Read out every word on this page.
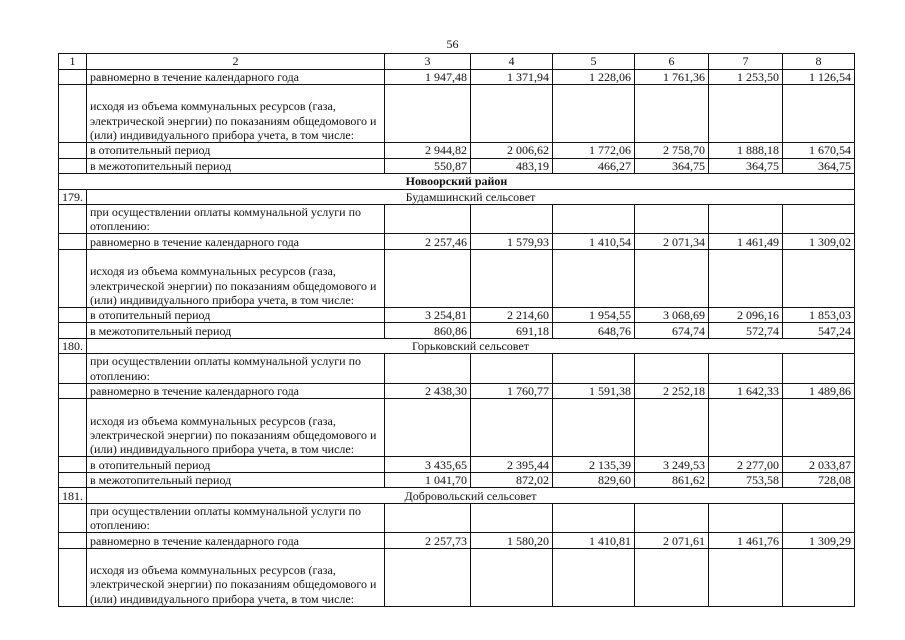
56
1	2	3	4	5	6	7	8
	равномерно в течение календарного года	1 947,48	1 371,94	1 228,06	1 761,36	1 253,50	1 126,54
	исходя из объема коммунальных ресурсов (газа, электрической энергии) по показаниям общедомового и (или) индивидуального прибора учета, в том числе:						
	в отопительный период	2 944,82	2 006,62	1 772,06	2 758,70	1 888,18	1 670,54
	в межотопительный период	550,87	483,19	466,27	364,75	364,75	364,75
Новоорский район							
179.	Будамшинский сельсовет						
	при осуществлении оплаты коммунальной услуги по отоплению:						
	равномерно в течение календарного года	2 257,46	1 579,93	1 410,54	2 071,34	1 461,49	1 309,02
	исходя из объема коммунальных ресурсов (газа, электрической энергии) по показаниям общедомового и (или) индивидуального прибора учета, в том числе:						
	в отопительный период	3 254,81	2 214,60	1 954,55	3 068,69	2 096,16	1 853,03
	в межотопительный период	860,86	691,18	648,76	674,74	572,74	547,24
180.	Горьковский сельсовет						
	при осуществлении оплаты коммунальной услуги по отоплению:						
	равномерно в течение календарного года	2 438,30	1 760,77	1 591,38	2 252,18	1 642,33	1 489,86
	исходя из объема коммунальных ресурсов (газа, электрической энергии) по показаниям общедомового и (или) индивидуального прибора учета, в том числе:						
	в отопительный период	3 435,65	2 395,44	2 135,39	3 249,53	2 277,00	2 033,87
	в межотопительный период	1 041,70	872,02	829,60	861,62	753,58	728,08
181.	Добровольский сельсовет						
	при осуществлении оплаты коммунальной услуги по отоплению:						
	равномерно в течение календарного года	2 257,73	1 580,20	1 410,81	2 071,61	1 461,76	1 309,29
	исходя из объема коммунальных ресурсов (газа, электрической энергии) по показаниям общедомового и (или) индивидуального прибора учета, в том числе:						
